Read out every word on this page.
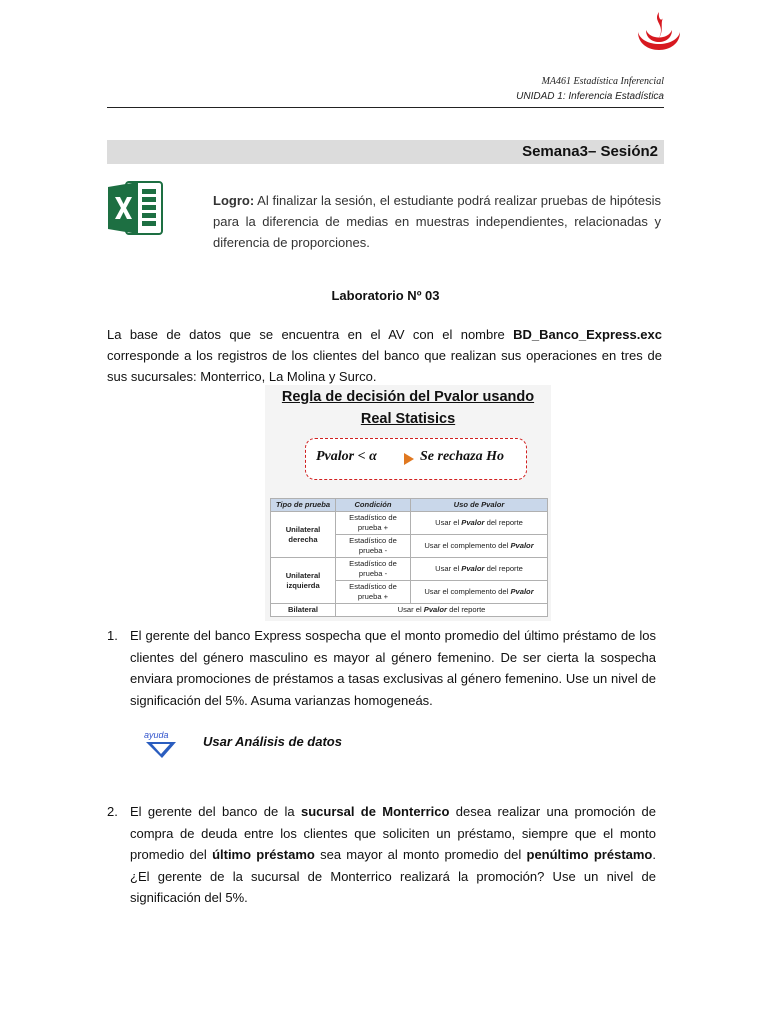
MA461 Estadística Inferencial
UNIDAD 1: Inferencia Estadística
Semana3– Sesión2
Logro: Al finalizar la sesión, el estudiante podrá realizar pruebas de hipótesis para la diferencia de medias en muestras independientes, relacionadas y diferencia de proporciones.
Laboratorio Nº 03
La base de datos que se encuentra en el AV con el nombre BD_Banco_Express.exc corresponde a los registros de los clientes del banco que realizan sus operaciones en tres de sus sucursales: Monterrico, La Molina y Surco.
Regla de decisión del Pvalor usando
Real Statisics
Pvalor < α	Se rechaza Ho
Tipo de prueba	Condición	Uso de Pvalor
Unilateral derecha	Estadístico de prueba +	Usar el Pvalor del reporte
	Estadístico de prueba -	Usar el complemento del Pvalor
Unilateral izquierda	Estadístico de prueba -	Usar el Pvalor del reporte
	Estadístico de prueba +	Usar el complemento del Pvalor
Bilateral	Usar el Pvalor del reporte	
1. El gerente del banco Express sospecha que el monto promedio del último préstamo de los clientes del género masculino es mayor al género femenino. De ser cierta la sospecha enviara promociones de préstamos a tasas exclusivas al género femenino. Use un nivel de significación del 5%. Asuma varianzas homogeneás.
ayuda	Usar Análisis de datos
2. El gerente del banco de la sucursal de Monterrico desea realizar una promoción de compra de deuda entre los clientes que soliciten un préstamo, siempre que el monto promedio del último préstamo sea mayor al monto promedio del penúltimo préstamo. ¿El gerente de la sucursal de Monterrico realizará la promoción? Use un nivel de significación del 5%.
